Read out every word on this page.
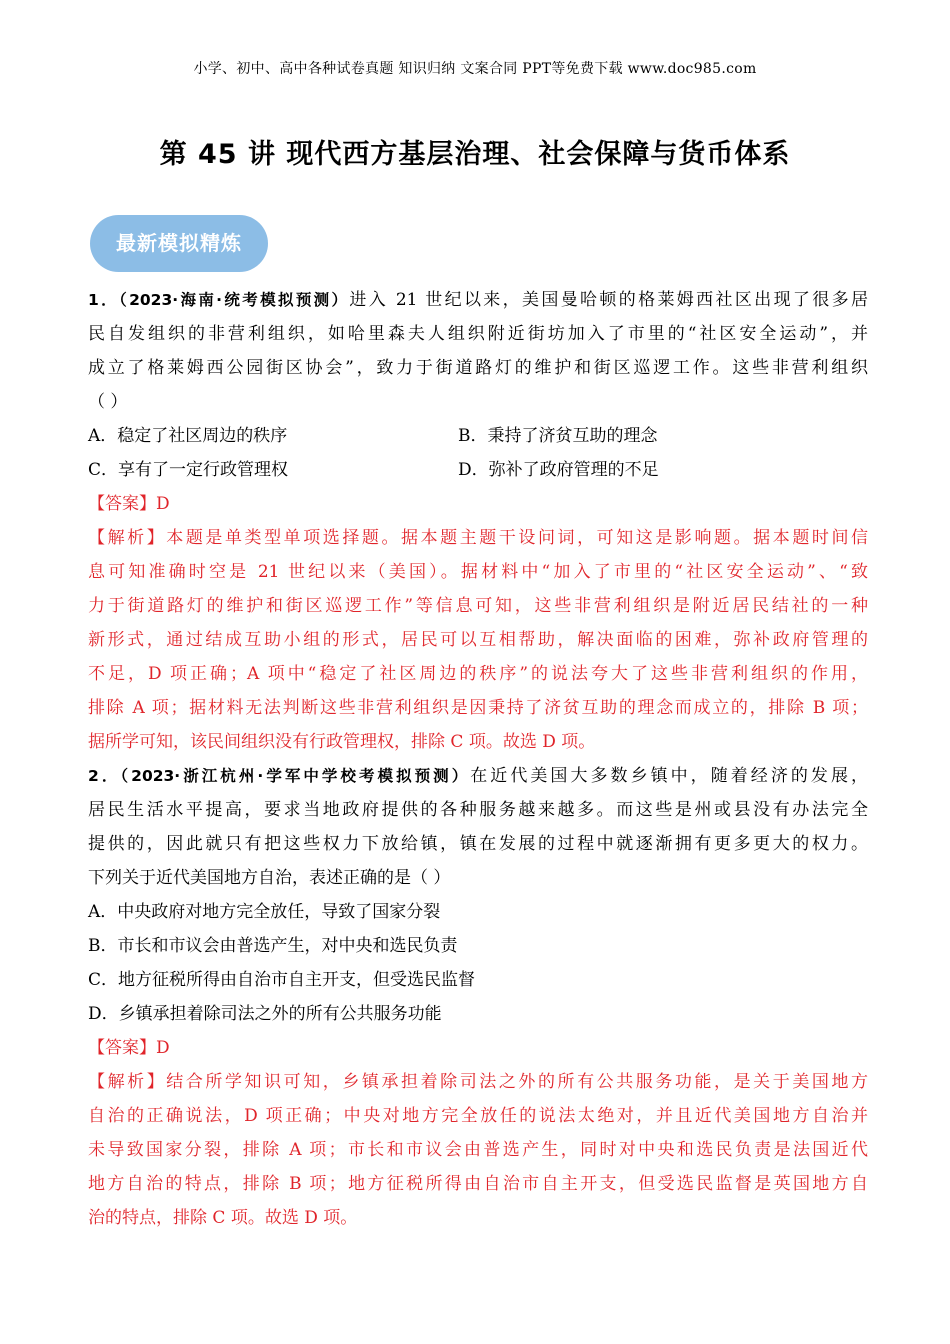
小学、初中、高中各种试卷真题 知识归纳 文案合同 PPT等免费下载 www.doc985.com
第 45 讲 现代西方基层治理、社会保障与货币体系
最新模拟精炼
1．（2023·海南·统考模拟预测）进入 21 世纪以来，美国曼哈顿的格莱姆西社区出现了很多居
民自发组织的非营利组织，如哈里森夫人组织附近街坊加入了市里的“社区安全运动”，并
成立了格莱姆西公园街区协会”，致力于街道路灯的维护和街区巡逻工作。这些非营利组织
（ ）
A．稳定了社区周边的秩序	B．秉持了济贫互助的理念
C．享有了一定行政管理权	D．弥补了政府管理的不足
【答案】D
【解析】本题是单类型单项选择题。据本题主题干设问词，可知这是影响题。据本题时间信
息可知准确时空是 21 世纪以来（美国）。据材料中“加入了市里的“社区安全运动”、“致
力于街道路灯的维护和街区巡逻工作”等信息可知，这些非营利组织是附近居民结社的一种
新形式，通过结成互助小组的形式，居民可以互相帮助，解决面临的困难，弥补政府管理的
不足，D 项正确；A 项中“稳定了社区周边的秩序”的说法夸大了这些非营利组织的作用，
排除 A 项；据材料无法判断这些非营利组织是因秉持了济贫互助的理念而成立的，排除 B 项；
据所学可知，该民间组织没有行政管理权，排除 C 项。故选 D 项。
2．（2023·浙江杭州·学军中学校考模拟预测）在近代美国大多数乡镇中，随着经济的发展，
居民生活水平提高，要求当地政府提供的各种服务越来越多。而这些是州或县没有办法完全
提供的，因此就只有把这些权力下放给镇，镇在发展的过程中就逐渐拥有更多更大的权力。
下列关于近代美国地方自治，表述正确的是（ ）
A．中央政府对地方完全放任，导致了国家分裂
B．市长和市议会由普选产生，对中央和选民负责
C．地方征税所得由自治市自主开支，但受选民监督
D．乡镇承担着除司法之外的所有公共服务功能
【答案】D
【解析】结合所学知识可知，乡镇承担着除司法之外的所有公共服务功能，是关于美国地方
自治的正确说法，D 项正确；中央对地方完全放任的说法太绝对，并且近代美国地方自治并
未导致国家分裂，排除 A 项；市长和市议会由普选产生，同时对中央和选民负责是法国近代
地方自治的特点，排除 B 项；地方征税所得由自治市自主开支，但受选民监督是英国地方自
治的特点，排除 C 项。故选 D 项。
